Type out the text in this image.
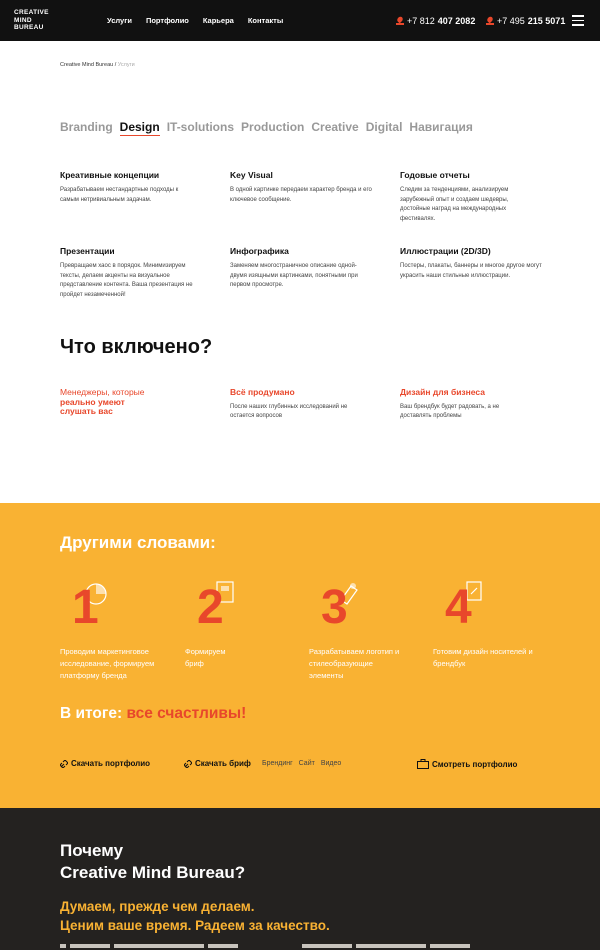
CREATIVE
MIND
BUREAU
Услуги Портфолио Карьера Контакты	+7 812 407 2082 +7 495 215 5071
Creative Mind Bureau / Услуги
Branding Design IT-solutions Production Creative Digital Навигация
Креативные концепции

Разрабатываем нестандартные подходы к самым нетривиальным задачам.

Key Visual

В одной картинке передаем характер бренда и его ключевое сообщение.

Годовые отчеты

Следим за тенденциями, анализируем зарубежный опыт и создаем шедевры, достойные наград на международных фестивалях.

Презентации

Превращаем хаос в порядок. Минимизируем тексты, делаем акценты на визуальное представление контента. Ваша презентация не пройдет незамеченной!

Инфографика

Заменяем многостраничное описание одной-двумя изящными картинками, понятными при первом просмотре.

Иллюстрации (2D/3D)

Постеры, плакаты, баннеры и многое другое могут украсить наши стильные иллюстрации.

Что включено?
Менеджеры, которые
реально умеют слушать вас
Всё продумано

После наших глубинных исследований не остается вопросов

Дизайн для бизнеса

Ваш брендбук будет радовать, а не доставлять проблемы

Другими словами:
1

Проводим маркетинговое исследование, формируем платформу бренда

2

Формируем бриф

3

Разрабатываем логотип и стилеобразующие элементы

4

Готовим дизайн носителей и брендбук

В итоге: все счастливы!
Скачать портфолио	Скачать бриф Брендинг Сайт Видео	Смотреть портфолио
Почему
Creative Mind Bureau?
Думаем, прежде чем делаем.
Ценим ваше время. Радеем за качество.
